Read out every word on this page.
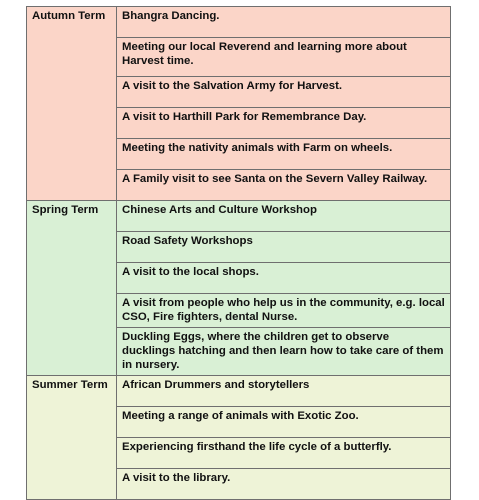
Autumn Term	Bhangra Dancing.
	Meeting our local Reverend and learning more about Harvest time.
	A visit to the Salvation Army for Harvest.
	A visit to Harthill Park for Remembrance Day.
	Meeting the nativity animals with Farm on wheels.
	A Family visit to see Santa on the Severn Valley Railway.
Spring Term	Chinese Arts and Culture Workshop
	Road Safety Workshops
	A visit to the local shops.
	A visit from people who help us in the community, e.g. local CSO, Fire fighters, dental Nurse.
	Duckling Eggs, where the children get to observe ducklings hatching and then learn how to take care of them in nursery.
Summer Term	African Drummers and storytellers
	Meeting a range of animals with Exotic Zoo.
	Experiencing firsthand the life cycle of a butterfly.
	A visit to the library.
